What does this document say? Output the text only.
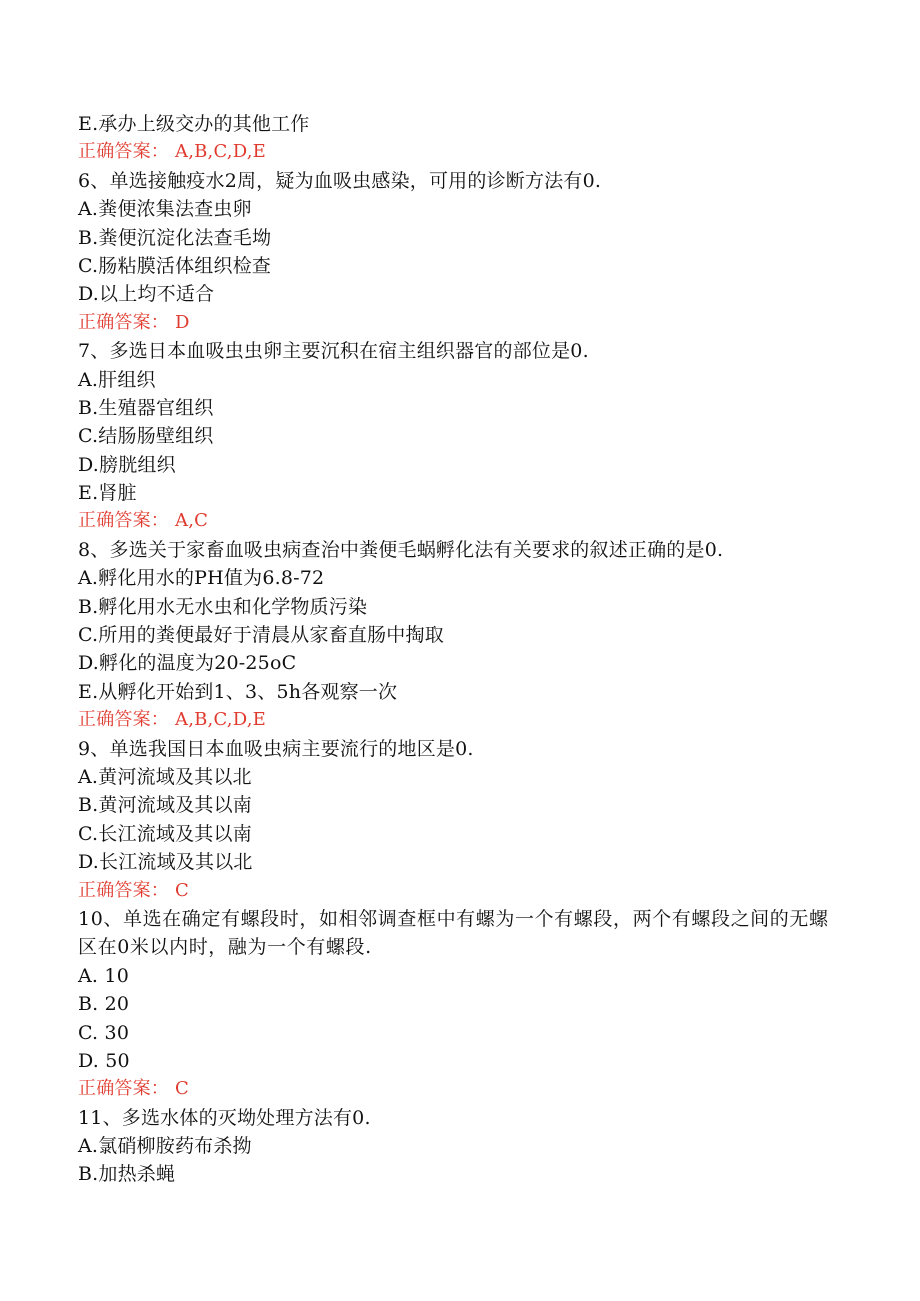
E.承办上级交办的其他工作
正确答案： A,B,C,D,E
6、单选接触疫水2周，疑为血吸虫感染，可用的诊断方法有0.
A.粪便浓集法查虫卵
B.粪便沉淀化法查毛坳
C.肠粘膜活体组织检查
D.以上均不适合
正确答案： D
7、多选日本血吸虫虫卵主要沉积在宿主组织器官的部位是0.
A.肝组织
B.生殖器官组织
C.结肠肠壁组织
D.膀胱组织
E.肾脏
正确答案： A,C
8、多选关于家畜血吸虫病查治中粪便毛蜗孵化法有关要求的叙述正确的是0.
A.孵化用水的PH值为6.8-72
B.孵化用水无水虫和化学物质污染
C.所用的粪便最好于清晨从家畜直肠中掏取
D.孵化的温度为20-25oC
E.从孵化开始到1、3、5h各观察一次
正确答案： A,B,C,D,E
9、单选我国日本血吸虫病主要流行的地区是0.
A.黄河流域及其以北
B.黄河流域及其以南
C.长江流域及其以南
D.长江流域及其以北
正确答案： C
10、单选在确定有螺段时，如相邻调查框中有螺为一个有螺段，两个有螺段之间的无螺区在0米以内时，融为一个有螺段.
A. 10
B. 20
C. 30
D. 50
正确答案： C
11、多选水体的灭坳处理方法有0.
A.氯硝柳胺药布杀拗
B.加热杀蝇
